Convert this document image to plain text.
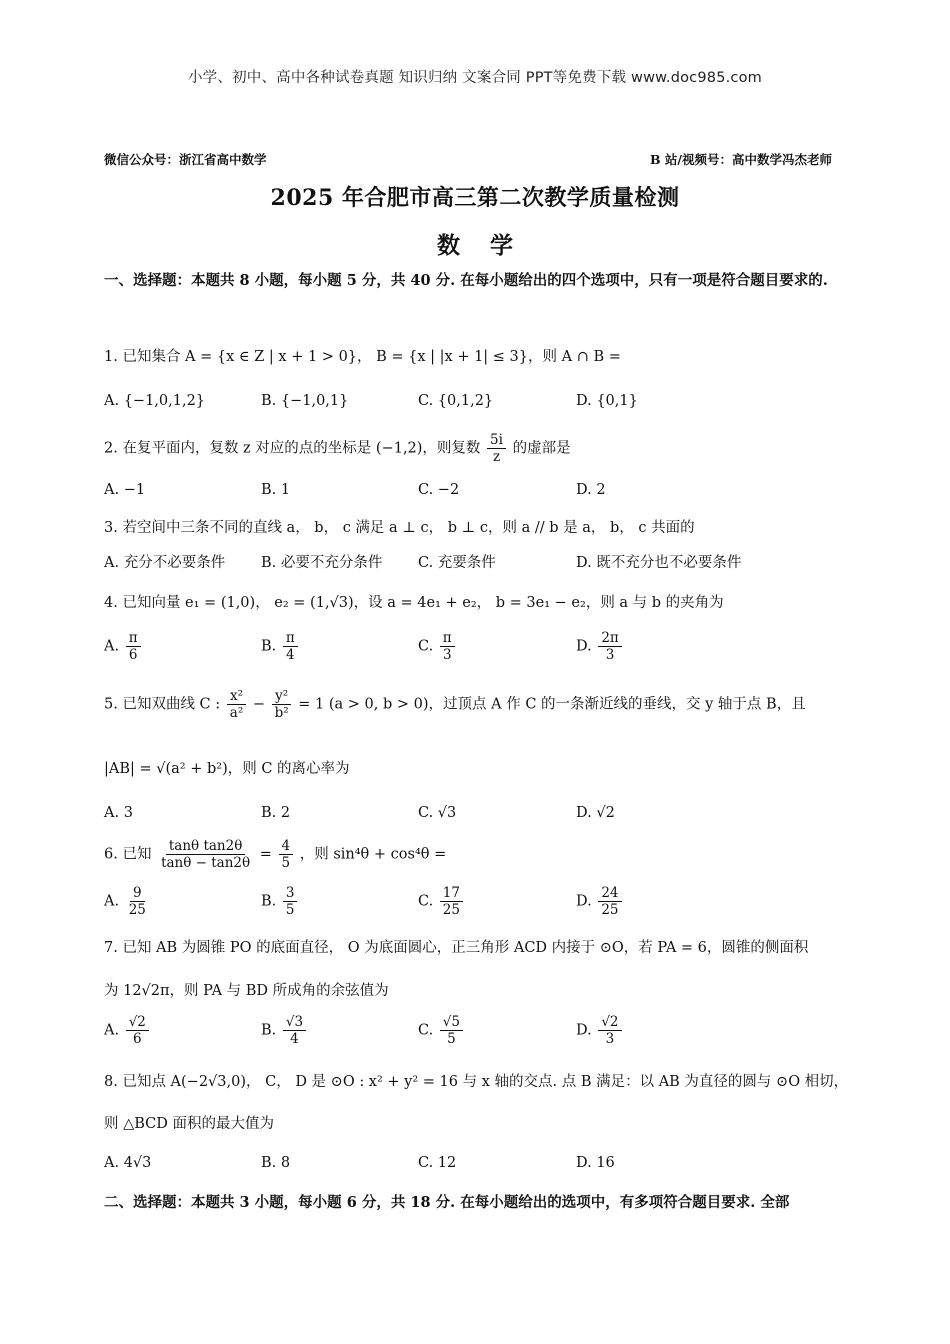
小学、初中、高中各种试卷真题 知识归纳 文案合同 PPT等免费下载 www.doc985.com
微信公众号：浙江省高中数学	B 站/视频号：高中数学冯杰老师
2025 年合肥市高三第二次教学质量检测
数学
一、选择题：本题共 8 小题，每小题 5 分，共 40 分. 在每小题给出的四个选项中，只有一项是符合题目要求的.
1. 已知集合 A = {x ∈ Z | x + 1 > 0}， B = {x | |x + 1| ≤ 3}，则 A ∩ B =
A. {−1,0,1,2}	B. {−1,0,1}	C. {0,1,2}	D. {0,1}
2. 在复平面内，复数 z 对应的点的坐标是 (−1,2)，则复数 $\frac{5i}{z}$ 的虚部是
A. −1	B. 1	C. −2	D. 2
3. 若空间中三条不同的直线 a， b， c 满足 a ⊥ c， b ⊥ c，则 a // b 是 a， b， c 共面的
A. 充分不必要条件 B. 必要不充分条件 C. 充要条件	D. 既不充分也不必要条件
4. 已知向量 e₁ = (1,0)， e₂ = (1,√3)，设 a = 4e₁ + e₂， b = 3e₁ − e₂，则 a 与 b 的夹角为
A. $\frac{\pi}{6}$	B. $\frac{\pi}{4}$	C. $\frac{\pi}{3}$	D. $\frac{2\pi}{3}$
5. 已知双曲线 C : $\frac{\text{x²}}{\text{a²}} - \frac{\text{y²}}{\text{b²}} = 1$ (a > 0, b > 0)，过顶点 A 作 C 的一条渐近线的垂线，交 y 轴于点 B，且
|AB| = √(a² + b²)，则 C 的离心率为
A. 3	B. 2	C. √3	D. √2
6. 已知 $\frac{\text{tanθ tan2θ}}{\tan\theta - \tan 2\theta} = \frac{4}{5}$ ，则 sin⁴θ + cos⁴θ =
A. $\frac{9}{25}$	B. $\frac{3}{5}$	C. $\frac{17}{25}$	D. $\frac{24}{25}$
7. 已知 AB 为圆锥 PO 的底面直径， O 为底面圆心，正三角形 ACD 内接于 ⊙O，若 PA = 6，圆锥的侧面积
为 12√2π，则 PA 与 BD 所成角的余弦值为
A. $\frac{√2}{6}$	B. $\frac{√3}{4}$	C. $\frac{√5}{5}$	D. $\frac{√2}{3}$
8. 已知点 A(−2√3,0)， C， D 是 ⊙O : x² + y² = 16 与 x 轴的交点. 点 B 满足：以 AB 为直径的圆与 ⊙O 相切，
则 △BCD 面积的最大值为
A. 4√3	B. 8	C. 12	D. 16
二、选择题：本题共 3 小题，每小题 6 分，共 18 分. 在每小题给出的选项中，有多项符合题目要求. 全部
